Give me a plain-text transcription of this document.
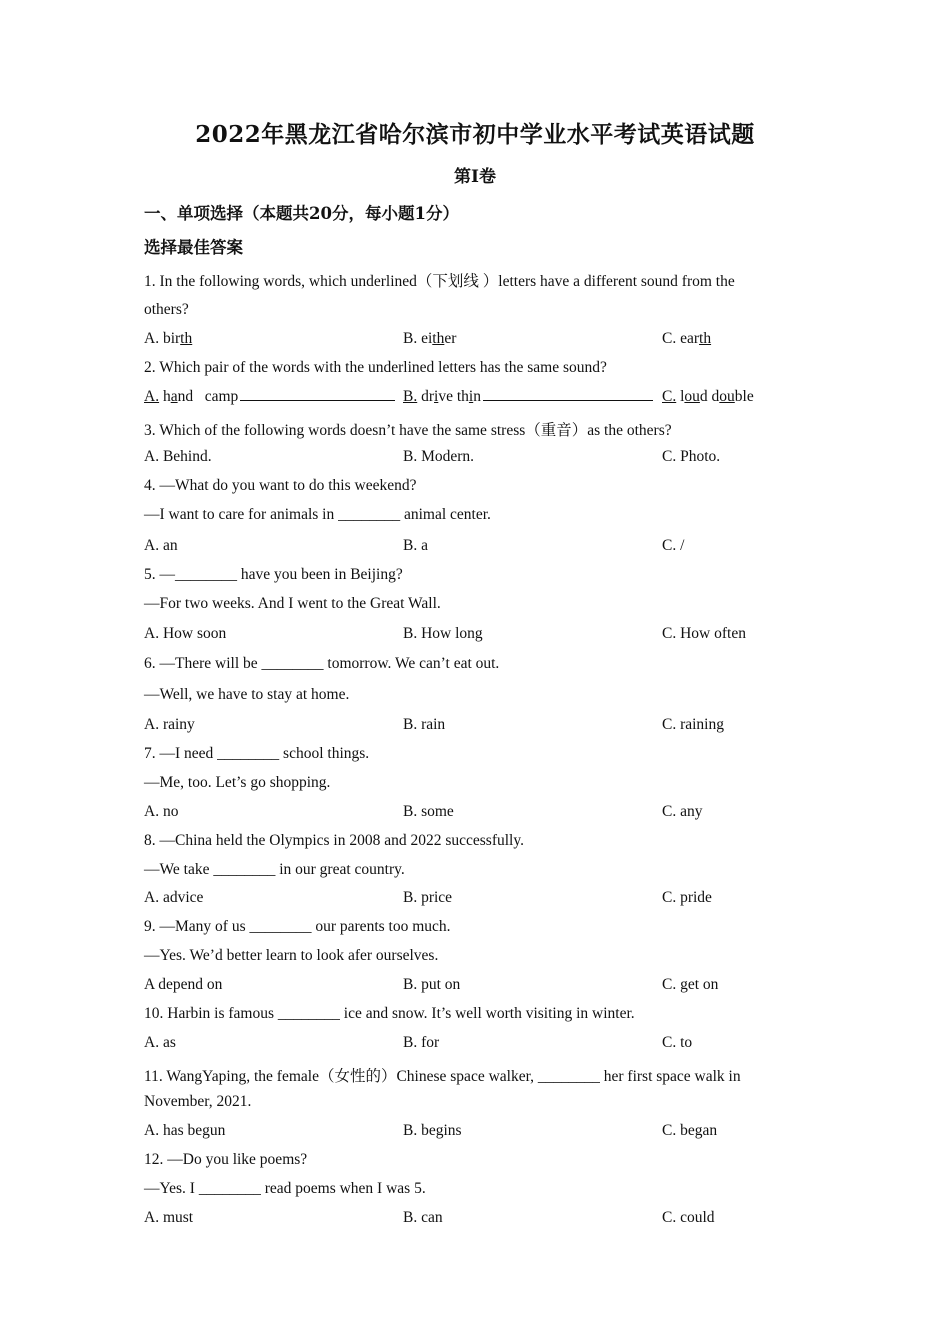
2022年黑龙江省哈尔滨市初中学业水平考试英语试题
第Ⅰ卷
一、单项选择（本题共20分，每小题1分）
选择最佳答案
1. In the following words, which underlined（下划线 ）letters have a different sound from the
others?
A. birth	B. either	C. earth
2. Which pair of the words with the underlined letters has the same sound?
A. hand camp	B. drive thin	C. loud double
3. Which of the following words doesn’t have the same stress（重音）as the others?
A. Behind.	B. Modern.	C. Photo.
4. —What do you want to do this weekend?
—I want to care for animals in ________ animal center.
A. an	B. a	C. /
5. —________ have you been in Beijing?
—For two weeks. And I went to the Great Wall.
A. How soon	B. How long	C. How often
6. —There will be ________ tomorrow. We can’t eat out.
—Well, we have to stay at home.
A. rainy	B. rain	C. raining
7. —I need ________ school things.
—Me, too. Let’s go shopping.
A. no	B. some	C. any
8. —China held the Olympics in 2008 and 2022 successfully.
—We take ________ in our great country.
A. advice	B. price	C. pride
9. —Many of us ________ our parents too much.
—Yes. We’d better learn to look afer ourselves.
A depend on	B. put on	C. get on
10. Harbin is famous ________ ice and snow. It’s well worth visiting in winter.
A. as	B. for	C. to
11. WangYaping, the female（女性的）Chinese space walker, ________ her first space walk in
November, 2021.
A. has begun	B. begins	C. began
12. —Do you like poems?
—Yes. I ________ read poems when I was 5.
A. must	B. can	C. could
